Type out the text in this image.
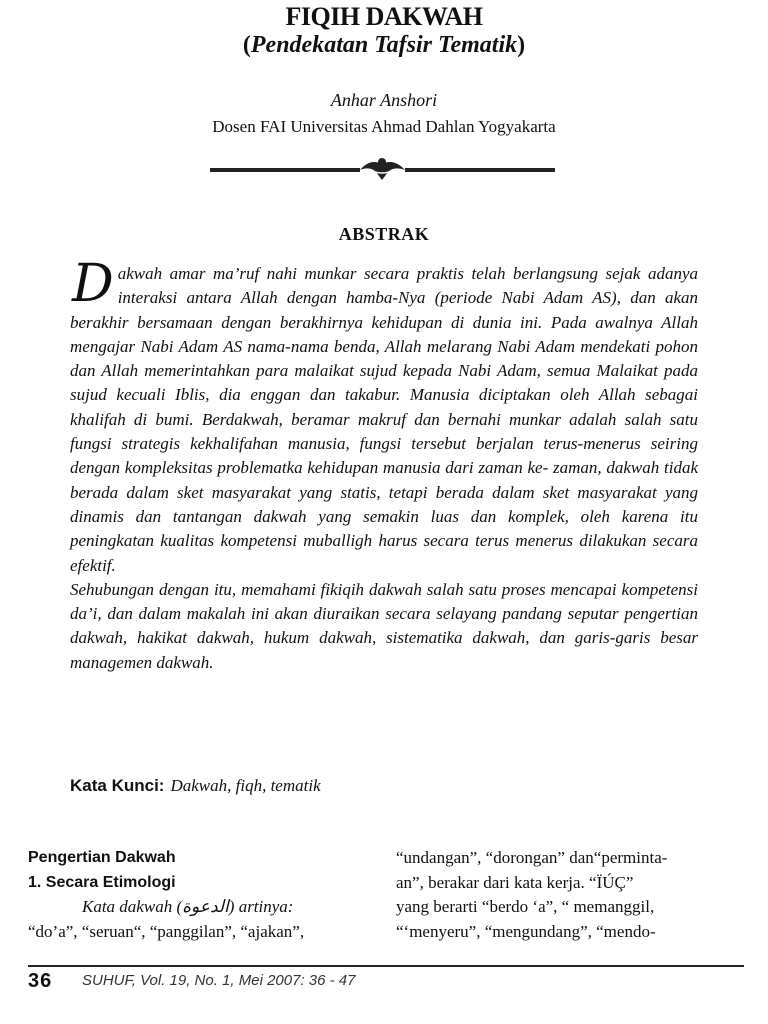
FIQIH DAKWAH
(Pendekatan Tafsir Tematik)
Anhar Anshori
Dosen FAI Universitas Ahmad Dahlan Yogyakarta
ABSTRAK

Dakwah amar ma’ruf nahi munkar secara praktis telah berlangsung sejak adanya interaksi antara Allah dengan hamba-Nya (periode Nabi Adam AS), dan akan berakhir bersamaan dengan berakhirnya kehidupan di dunia ini. Pada awalnya Allah mengajar Nabi Adam AS nama-nama benda, Allah melarang Nabi Adam mendekati pohon dan Allah memerintahkan para malaikat sujud kepada Nabi Adam, semua Malaikat pada sujud kecuali Iblis, dia enggan dan takabur. Manusia diciptakan oleh Allah sebagai khalifah di bumi. Berdakwah, beramar makruf dan bernahi munkar adalah salah satu fungsi strategis kekhalifahan manusia, fungsi tersebut berjalan terus-menerus seiring dengan kompleksitas problematka kehidupan manusia dari zaman ke- zaman, dakwah tidak berada dalam sket masyarakat yang statis, tetapi berada dalam sket masyarakat yang dinamis dan tantangan dakwah yang semakin luas dan komplek, oleh karena itu peningkatan kualitas kompetensi muballigh harus secara terus menerus dilakukan secara efektif.

Sehubungan dengan itu, memahami fikiqih dakwah salah satu proses mencapai kompetensi da’i, dan dalam makalah ini akan diuraikan secara selayang pandang seputar pengertian dakwah, hakikat dakwah, hukum dakwah, sistematika dakwah, dan garis-garis besar managemen dakwah.

Kata Kunci: Dakwah, fiqh, tematik
Pengertian Dakwah
1. Secara Etimologi
Kata dakwah (الدعوة) artinya:
“do’a”, “seruan“, “panggilan”, “ajakan”,
“undangan”, “dorongan” dan“perminta-
an”, berakar dari kata kerja. “ÏÚÇ”
yang berarti “berdo ‘a”, “ memanggil,
“‘menyeru”, “mengundang”, “mendo-
36 SUHUF, Vol. 19, No. 1, Mei 2007: 36 - 47
